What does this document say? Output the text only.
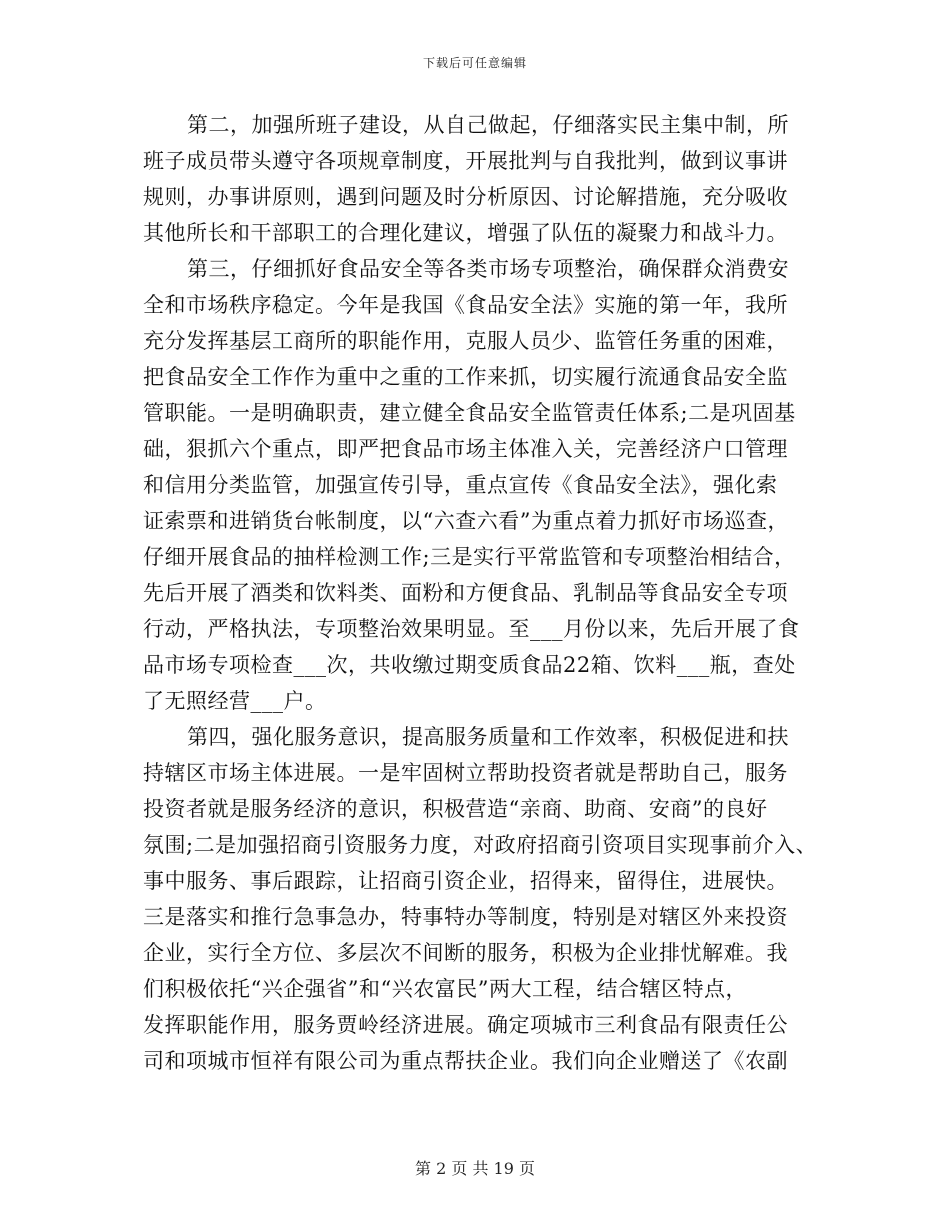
下载后可任意编辑
第二，加强所班子建设，从自己做起，仔细落实民主集中制，所
班子成员带头遵守各项规章制度，开展批判与自我批判，做到议事讲
规则，办事讲原则，遇到问题及时分析原因、讨论解措施，充分吸收
其他所长和干部职工的合理化建议，增强了队伍的凝聚力和战斗力。
第三，仔细抓好食品安全等各类市场专项整治，确保群众消费安
全和市场秩序稳定。今年是我国《食品安全法》实施的第一年，我所
充分发挥基层工商所的职能作用，克服人员少、监管任务重的困难，
把食品安全工作作为重中之重的工作来抓，切实履行流通食品安全监
管职能。一是明确职责，建立健全食品安全监管责任体系;二是巩固基
础，狠抓六个重点，即严把食品市场主体准入关，完善经济户口管理
和信用分类监管，加强宣传引导，重点宣传《食品安全法》，强化索
证索票和进销货台帐制度，以“六查六看”为重点着力抓好市场巡查，
仔细开展食品的抽样检测工作;三是实行平常监管和专项整治相结合，
先后开展了酒类和饮料类、面粉和方便食品、乳制品等食品安全专项
行动，严格执法，专项整治效果明显。至___月份以来，先后开展了食
品市场专项检查___次，共收缴过期变质食品22箱、饮料___瓶，查处
了无照经营___户。
第四，强化服务意识，提高服务质量和工作效率，积极促进和扶
持辖区市场主体进展。一是牢固树立帮助投资者就是帮助自己，服务
投资者就是服务经济的意识，积极营造“亲商、助商、安商”的良好
氛围;二是加强招商引资服务力度，对政府招商引资项目实现事前介入、
事中服务、事后跟踪，让招商引资企业，招得来，留得住，进展快。
三是落实和推行急事急办，特事特办等制度，特别是对辖区外来投资
企业，实行全方位、多层次不间断的服务，积极为企业排忧解难。我
们积极依托“兴企强省”和“兴农富民”两大工程，结合辖区特点，
发挥职能作用，服务贾岭经济进展。确定项城市三利食品有限责任公
司和项城市恒祥有限公司为重点帮扶企业。我们向企业赠送了《农副
第 2 页 共 19 页
